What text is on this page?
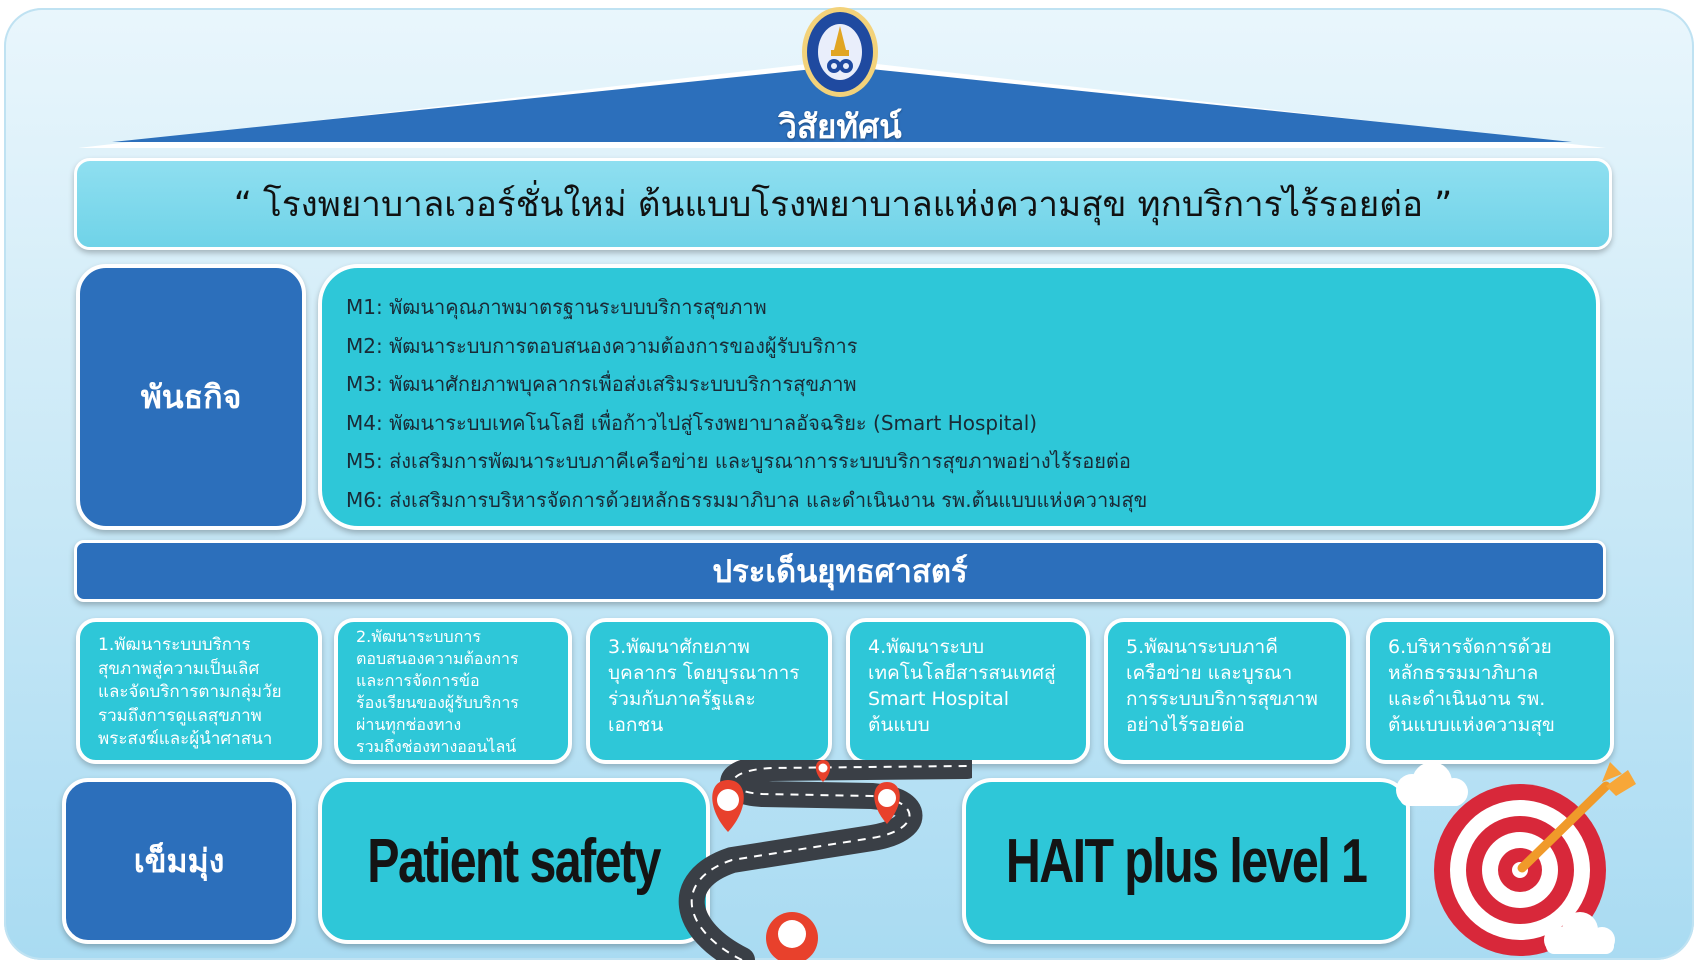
วิสัยทัศน์
“ โรงพยาบาลเวอร์ชั่นใหม่ ต้นแบบโรงพยาบาลแห่งความสุข ทุกบริการไร้รอยต่อ ”
พันธกิจ
M1: พัฒนาคุณภาพมาตรฐานระบบบริการสุขภาพ
M2: พัฒนาระบบการตอบสนองความต้องการของผู้รับบริการ
M3: พัฒนาศักยภาพบุคลากรเพื่อส่งเสริมระบบบริการสุขภาพ
M4: พัฒนาระบบเทคโนโลยี เพื่อก้าวไปสู่โรงพยาบาลอัจฉริยะ (Smart Hospital)
M5: ส่งเสริมการพัฒนาระบบภาคีเครือข่าย และบูรณาการระบบบริการสุขภาพอย่างไร้รอยต่อ
M6: ส่งเสริมการบริหารจัดการด้วยหลักธรรมมาภิบาล และดำเนินงาน รพ.ต้นแบบแห่งความสุข
ประเด็นยุทธศาสตร์
1.พัฒนาระบบบริการ
สุขภาพสู่ความเป็นเลิศ
และจัดบริการตามกลุ่มวัย
รวมถึงการดูแลสุขภาพ
พระสงฆ์และผู้นำศาสนา
2.พัฒนาระบบการ
ตอบสนองความต้องการ
และการจัดการข้อ
ร้องเรียนของผู้รับบริการ
ผ่านทุกช่องทาง
รวมถึงช่องทางออนไลน์
3.พัฒนาศักยภาพ
บุคลากร โดยบูรณาการ
ร่วมกับภาครัฐและ
เอกชน
4.พัฒนาระบบ
เทคโนโลยีสารสนเทศสู่
Smart Hospital
ต้นแบบ
5.พัฒนาระบบภาคี
เครือข่าย และบูรณา
การระบบบริการสุขภาพ
อย่างไร้รอยต่อ
6.บริหารจัดการด้วย
หลักธรรมมาภิบาล
และดำเนินงาน รพ.
ต้นแบบแห่งความสุข
เข็มมุ่ง	Patient safety	HAIT plus level 1
